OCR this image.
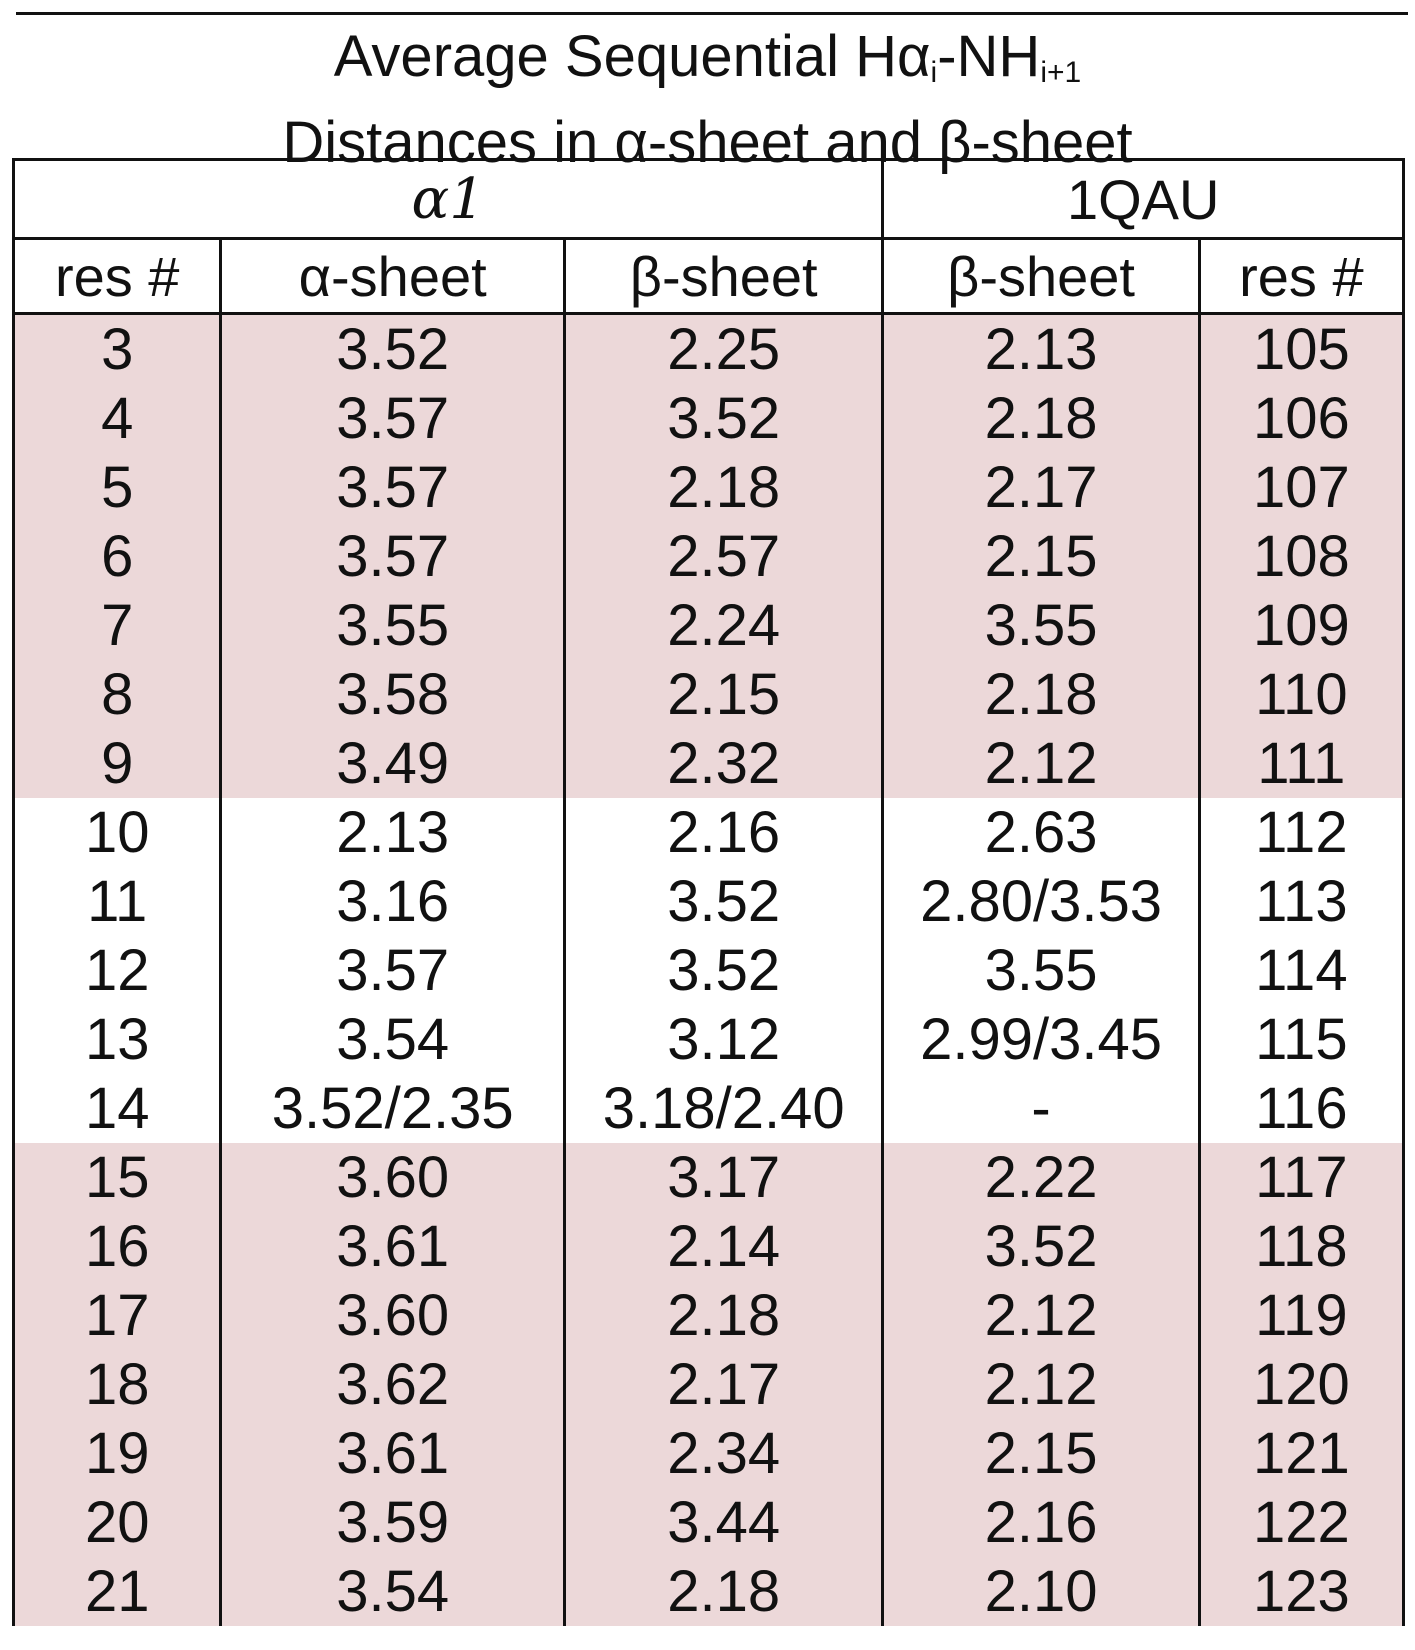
Average Sequential $H\alpha_i-NH_{i+1}$
Distances in α-sheet and β-sheet
α1			1QAU	
res #	α-sheet	β-sheet	β-sheet	res #
3	3.52	2.25	2.13	105
4	3.57	3.52	2.18	106
5	3.57	2.18	2.17	107
6	3.57	2.57	2.15	108
7	3.55	2.24	3.55	109
8	3.58	2.15	2.18	110
9	3.49	2.32	2.12	111
10	2.13	2.16	2.63	112
11	3.16	3.52	2.80/3.53	113
12	3.57	3.52	3.55	114
13	3.54	3.12	2.99/3.45	115
14	3.52/2.35	3.18/2.40	-	116
15	3.60	3.17	2.22	117
16	3.61	2.14	3.52	118
17	3.60	2.18	2.12	119
18	3.62	2.17	2.12	120
19	3.61	2.34	2.15	121
20	3.59	3.44	2.16	122
21	3.54	2.18	2.10	123
